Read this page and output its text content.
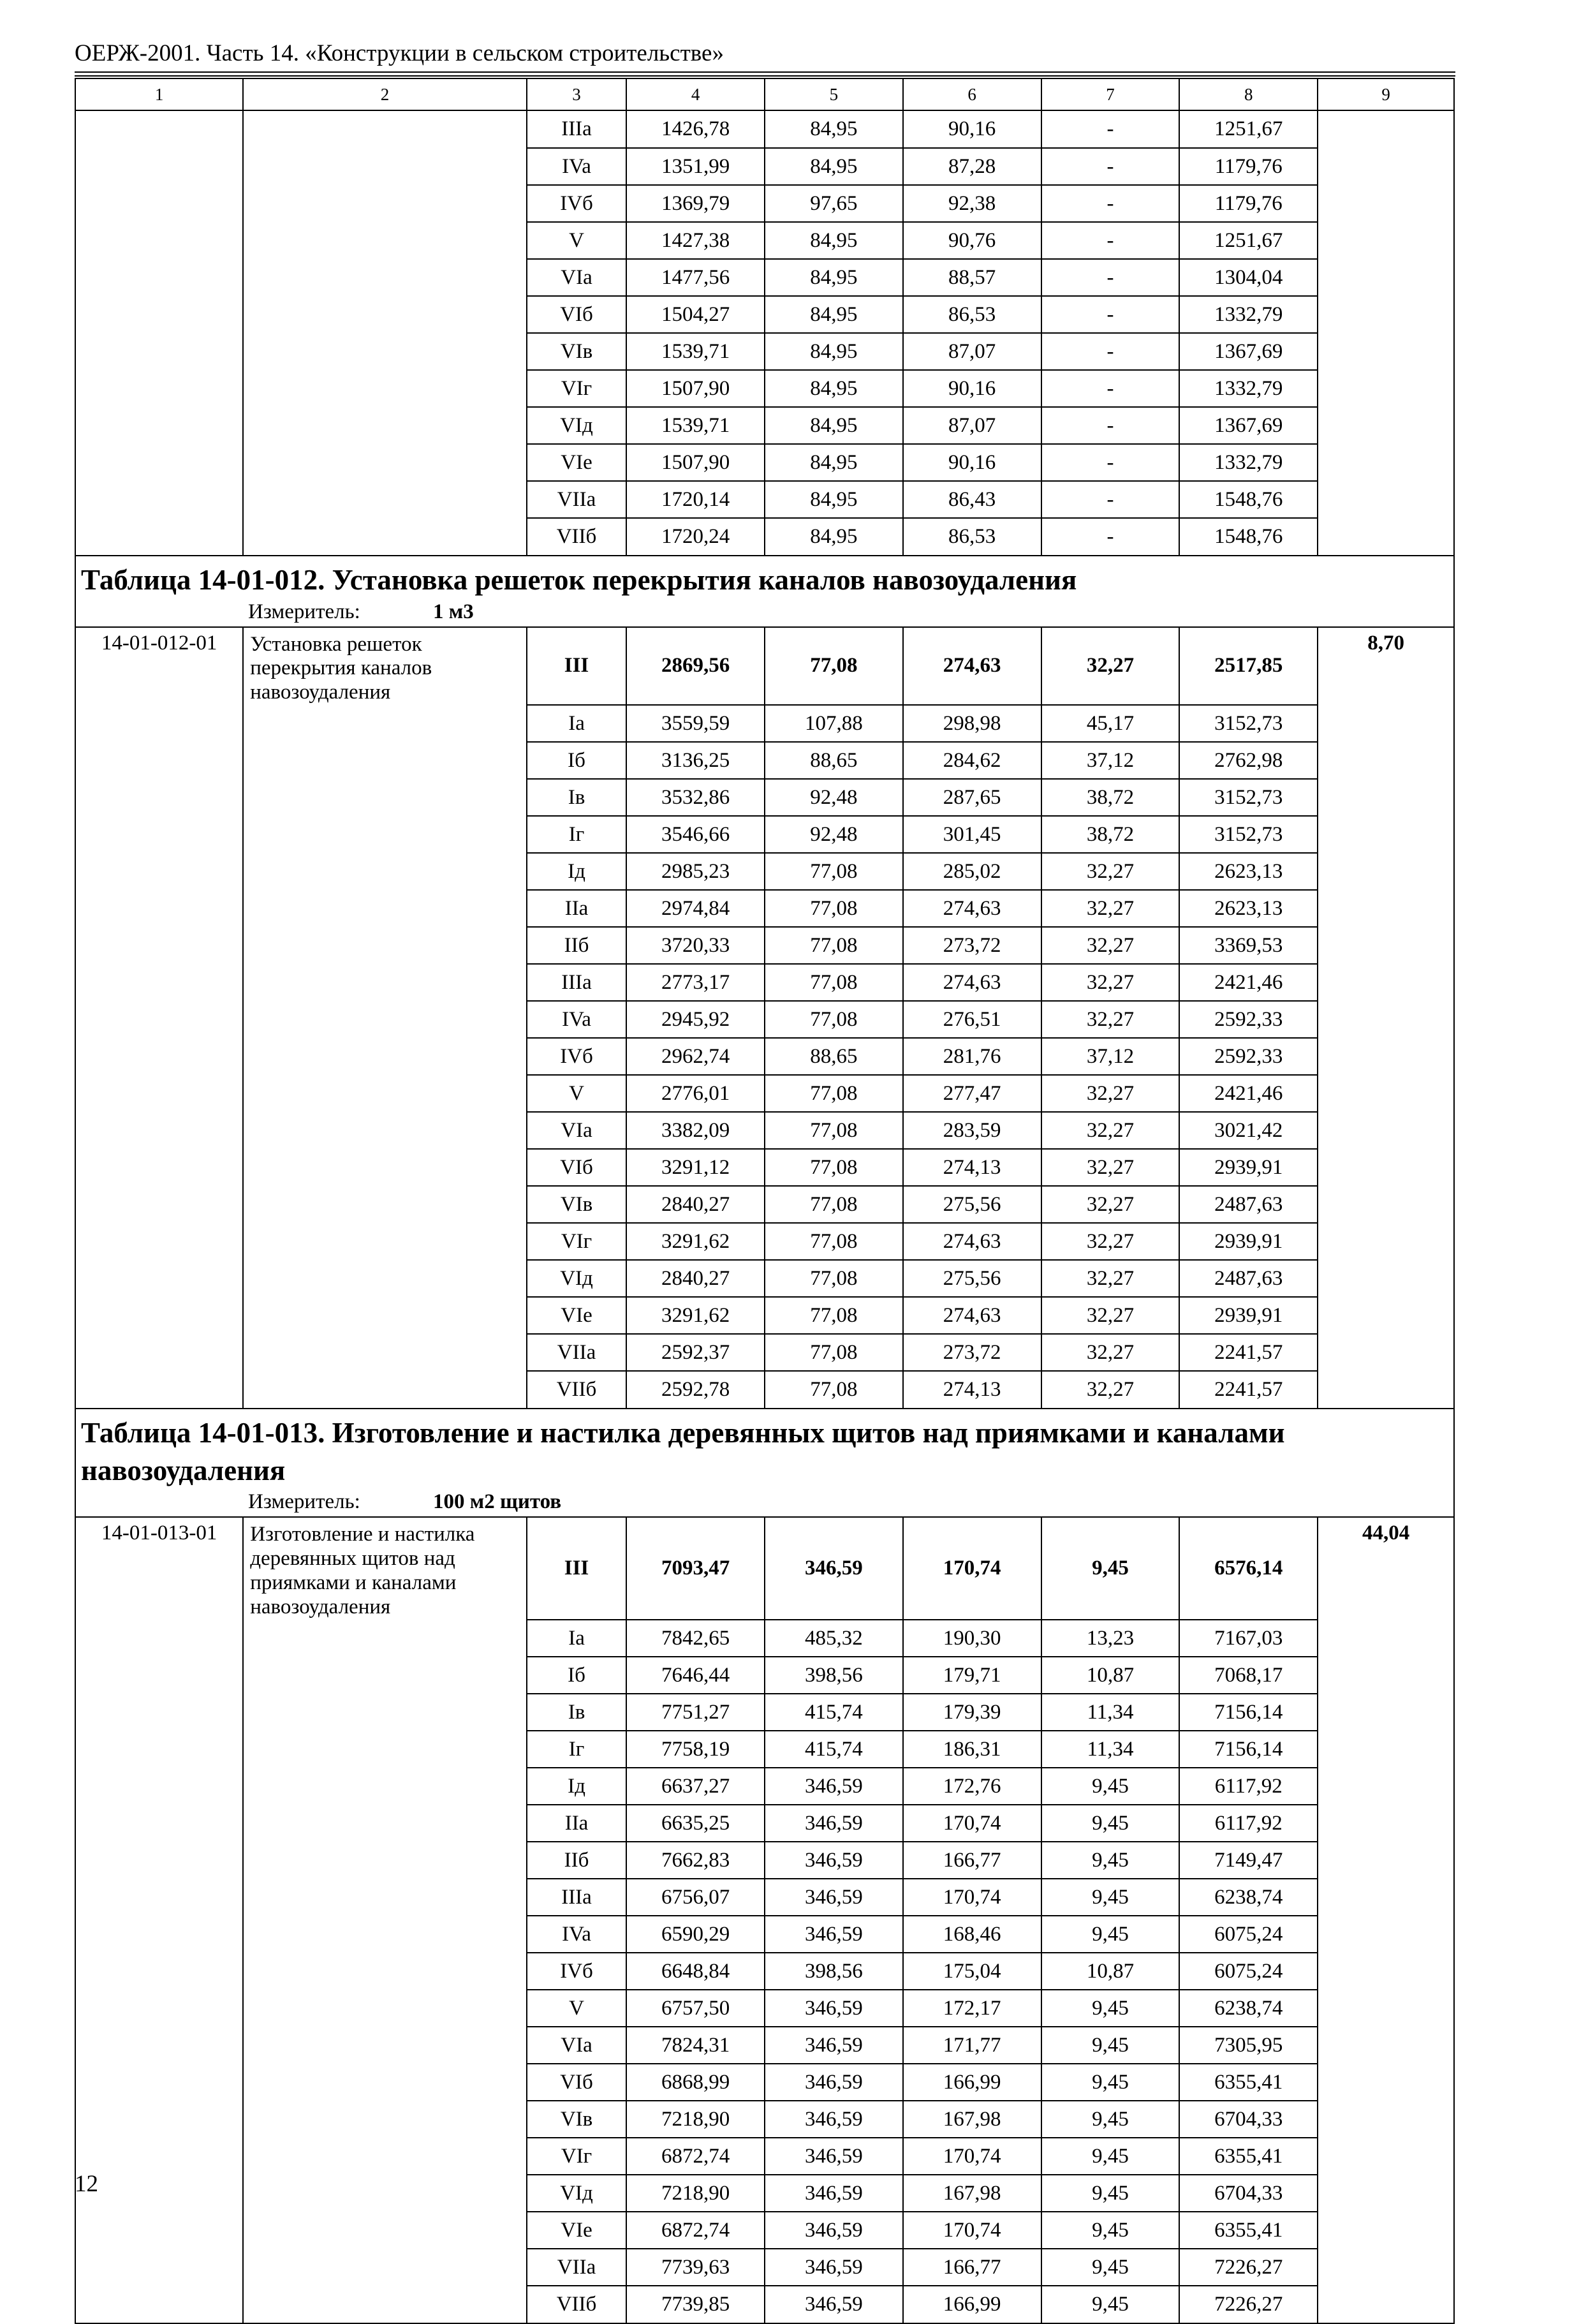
ОЕРЖ-2001. Часть 14. «Конструкции в сельском строительстве»
1	2	3	4	5	6	7	8	9
		IIIa	1426,78	84,95	90,16	-	1251,67	
		IVa	1351,99	84,95	87,28	-	1179,76	
		IVб	1369,79	97,65	92,38	-	1179,76	
		V	1427,38	84,95	90,76	-	1251,67	
		VIa	1477,56	84,95	88,57	-	1304,04	
		VIб	1504,27	84,95	86,53	-	1332,79	
		VIв	1539,71	84,95	87,07	-	1367,69	
		VIг	1507,90	84,95	90,16	-	1332,79	
		VIд	1539,71	84,95	87,07	-	1367,69	
		VIe	1507,90	84,95	90,16	-	1332,79	
		VIIa	1720,14	84,95	86,43	-	1548,76	
		VIIб	1720,24	84,95	86,53	-	1548,76	
Таблица 14-01-012. Установка решеток перекрытия каналов навозоудаления								
Измеритель: 1 м3								
14-01-012-01	Установка решеток перекрытия каналов навозоудаления	III	2869,56	77,08	274,63	32,27	2517,85	8,70
		Ia	3559,59	107,88	298,98	45,17	3152,73	
		Iб	3136,25	88,65	284,62	37,12	2762,98	
		Iв	3532,86	92,48	287,65	38,72	3152,73	
		Iг	3546,66	92,48	301,45	38,72	3152,73	
		Iд	2985,23	77,08	285,02	32,27	2623,13	
		IIa	2974,84	77,08	274,63	32,27	2623,13	
		IIб	3720,33	77,08	273,72	32,27	3369,53	
		IIIa	2773,17	77,08	274,63	32,27	2421,46	
		IVa	2945,92	77,08	276,51	32,27	2592,33	
		IVб	2962,74	88,65	281,76	37,12	2592,33	
		V	2776,01	77,08	277,47	32,27	2421,46	
		VIa	3382,09	77,08	283,59	32,27	3021,42	
		VIб	3291,12	77,08	274,13	32,27	2939,91	
		VIв	2840,27	77,08	275,56	32,27	2487,63	
		VIг	3291,62	77,08	274,63	32,27	2939,91	
		VIд	2840,27	77,08	275,56	32,27	2487,63	
		VIe	3291,62	77,08	274,63	32,27	2939,91	
		VIIa	2592,37	77,08	273,72	32,27	2241,57	
		VIIб	2592,78	77,08	274,13	32,27	2241,57	
Таблица 14-01-013. Изготовление и настилка деревянных щитов над приямками и каналами навозоудаления								
Измеритель: 100 м2 щитов								
14-01-013-01	Изготовление и настилка деревянных щитов над приямками и каналами навозоудаления	III	7093,47	346,59	170,74	9,45	6576,14	44,04
		Ia	7842,65	485,32	190,30	13,23	7167,03	
		Iб	7646,44	398,56	179,71	10,87	7068,17	
		Iв	7751,27	415,74	179,39	11,34	7156,14	
		Iг	7758,19	415,74	186,31	11,34	7156,14	
		Iд	6637,27	346,59	172,76	9,45	6117,92	
		IIa	6635,25	346,59	170,74	9,45	6117,92	
		IIб	7662,83	346,59	166,77	9,45	7149,47	
		IIIa	6756,07	346,59	170,74	9,45	6238,74	
		IVa	6590,29	346,59	168,46	9,45	6075,24	
		IVб	6648,84	398,56	175,04	10,87	6075,24	
		V	6757,50	346,59	172,17	9,45	6238,74	
		VIa	7824,31	346,59	171,77	9,45	7305,95	
		VIб	6868,99	346,59	166,99	9,45	6355,41	
		VIв	7218,90	346,59	167,98	9,45	6704,33	
		VIг	6872,74	346,59	170,74	9,45	6355,41	
		VIд	7218,90	346,59	167,98	9,45	6704,33	
		VIe	6872,74	346,59	170,74	9,45	6355,41	
		VIIa	7739,63	346,59	166,77	9,45	7226,27	
		VIIб	7739,85	346,59	166,99	9,45	7226,27	
12
